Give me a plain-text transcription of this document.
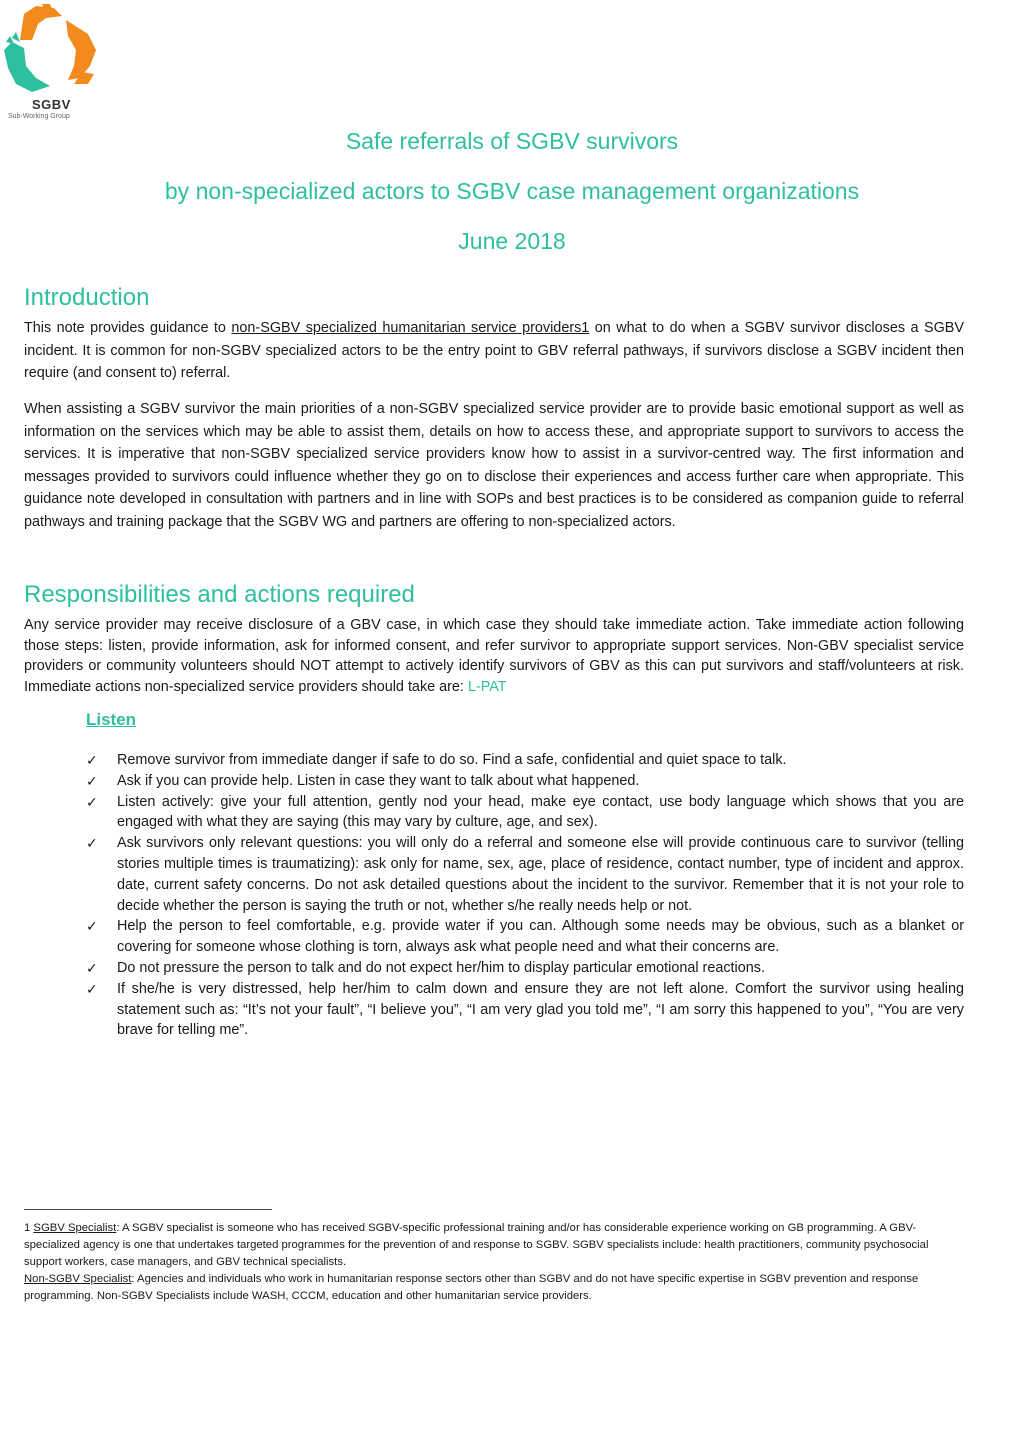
SGBV
Sub-Working Group
Safe referrals of SGBV survivors
by non-specialized actors to SGBV case management organizations
June 2018
Introduction

This note provides guidance to non-SGBV specialized humanitarian service providers1 on what to do when a SGBV survivor discloses a SGBV incident. It is common for non-SGBV specialized actors to be the entry point to GBV referral pathways, if survivors disclose a SGBV incident then require (and consent to) referral.

When assisting a SGBV survivor the main priorities of a non-SGBV specialized service provider are to provide basic emotional support as well as information on the services which may be able to assist them, details on how to access these, and appropriate support to survivors to access the services. It is imperative that non-SGBV specialized service providers know how to assist in a survivor-centred way. The first information and messages provided to survivors could influence whether they go on to disclose their experiences and access further care when appropriate. This guidance note developed in consultation with partners and in line with SOPs and best practices is to be considered as companion guide to referral pathways and training package that the SGBV WG and partners are offering to non-specialized actors.

Responsibilities and actions required

Any service provider may receive disclosure of a GBV case, in which case they should take immediate action. Take immediate action following those steps: listen, provide information, ask for informed consent, and refer survivor to appropriate support services. Non-GBV specialist service providers or community volunteers should NOT attempt to actively identify survivors of GBV as this can put survivors and staff/volunteers at risk. Immediate actions non-specialized service providers should take are: L-PAT

Listen
✓ Remove survivor from immediate danger if safe to do so. Find a safe, confidential and quiet space to talk.
✓ Ask if you can provide help. Listen in case they want to talk about what happened.
✓ Listen actively: give your full attention, gently nod your head, make eye contact, use body language which shows that you are engaged with what they are saying (this may vary by culture, age, and sex).
✓ Ask survivors only relevant questions: you will only do a referral and someone else will provide continuous care to survivor (telling stories multiple times is traumatizing): ask only for name, sex, age, place of residence, contact number, type of incident and approx. date, current safety concerns. Do not ask detailed questions about the incident to the survivor. Remember that it is not your role to decide whether the person is saying the truth or not, whether s/he really needs help or not.
✓ Help the person to feel comfortable, e.g. provide water if you can. Although some needs may be obvious, such as a blanket or covering for someone whose clothing is torn, always ask what people need and what their concerns are.
✓ Do not pressure the person to talk and do not expect her/him to display particular emotional reactions.
✓ If she/he is very distressed, help her/him to calm down and ensure they are not left alone. Comfort the survivor using healing statement such as: “It’s not your fault”, “I believe you”, “I am very glad you told me”, “I am sorry this happened to you”, “You are very brave for telling me”.

1 SGBV Specialist: A SGBV specialist is someone who has received SGBV-specific professional training and/or has considerable experience working on GB programming. A GBV-specialized agency is one that undertakes targeted programmes for the prevention of and response to SGBV. SGBV specialists include: health practitioners, community psychosocial support workers, case managers, and GBV technical specialists.

Non-SGBV Specialist: Agencies and individuals who work in humanitarian response sectors other than SGBV and do not have specific expertise in SGBV prevention and response programming. Non-SGBV Specialists include WASH, CCCM, education and other humanitarian service providers.
